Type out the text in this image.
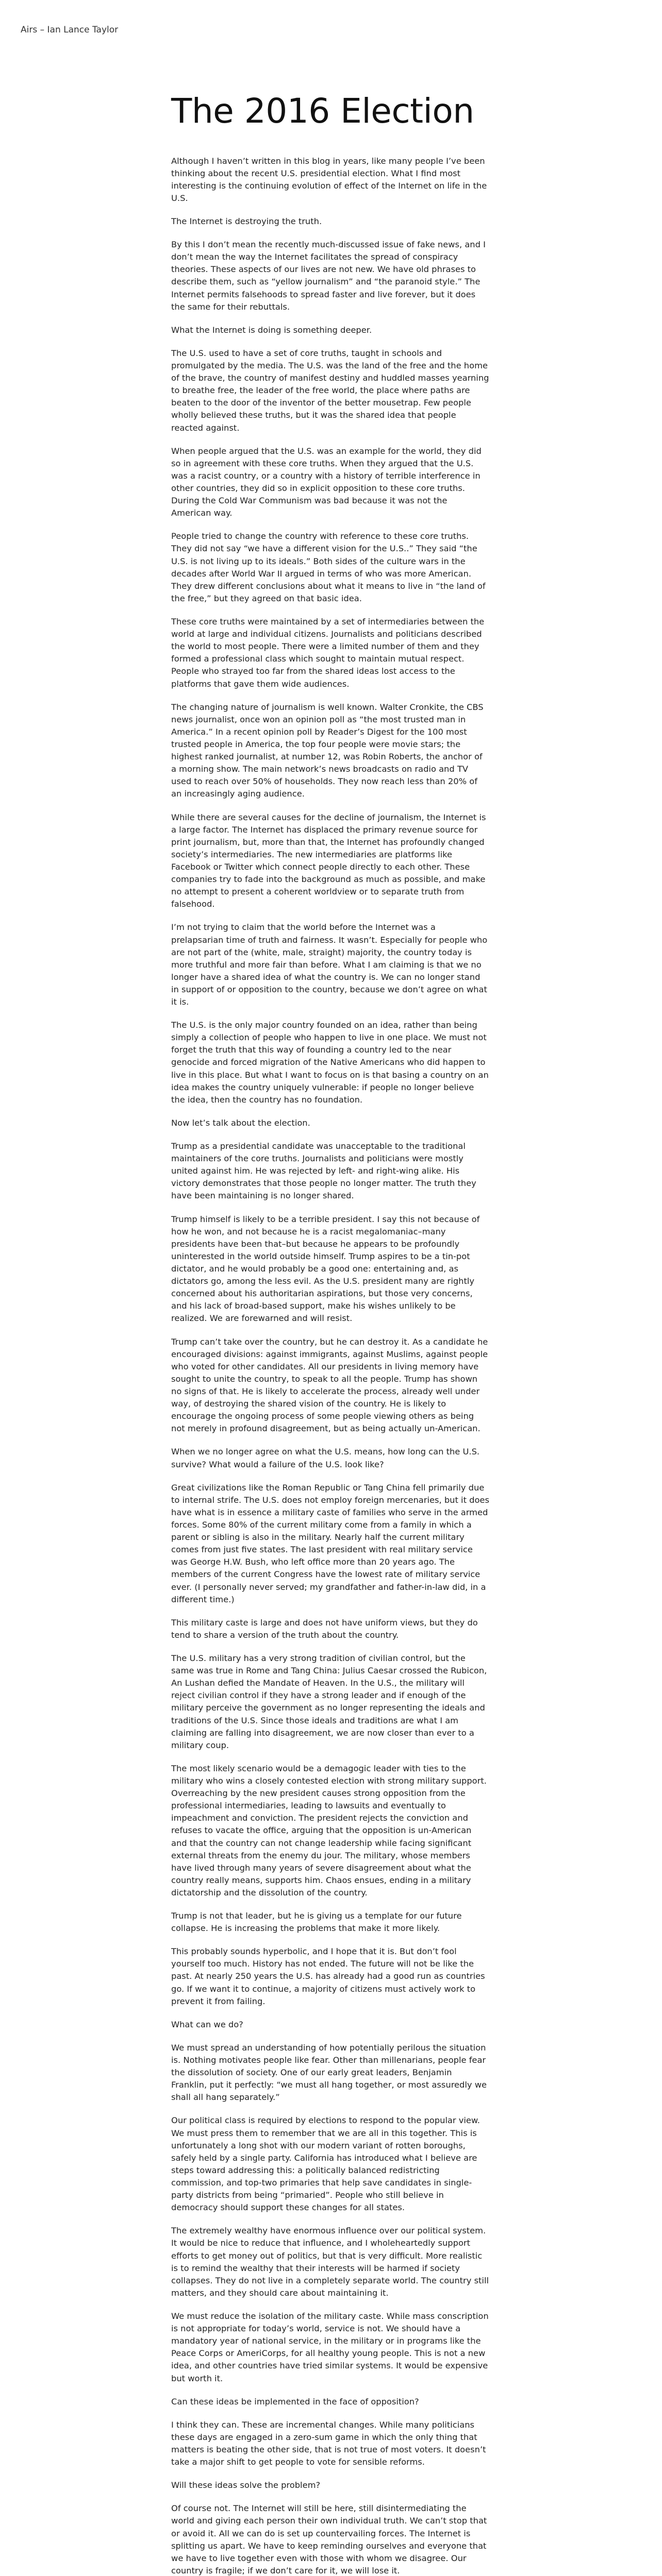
Airs – Ian Lance Taylor
The 2016 Election

Although I haven’t written in this blog in years, like many people I’ve been thinking about the recent U.S. presidential election. What I find most interesting is the continuing evolution of effect of the Internet on life in the U.S.

The Internet is destroying the truth.

By this I don’t mean the recently much-discussed issue of fake news, and I don’t mean the way the Internet facilitates the spread of conspiracy theories. These aspects of our lives are not new. We have old phrases to describe them, such as “yellow journalism” and “the paranoid style.” The Internet permits falsehoods to spread faster and live forever, but it does the same for their rebuttals.

What the Internet is doing is something deeper.

The U.S. used to have a set of core truths, taught in schools and promulgated by the media. The U.S. was the land of the free and the home of the brave, the country of manifest destiny and huddled masses yearning to breathe free, the leader of the free world, the place where paths are beaten to the door of the inventor of the better mousetrap. Few people wholly believed these truths, but it was the shared idea that people reacted against.

When people argued that the U.S. was an example for the world, they did so in agreement with these core truths. When they argued that the U.S. was a racist country, or a country with a history of terrible interference in other countries, they did so in explicit opposition to these core truths. During the Cold War Communism was bad because it was not the American way.

People tried to change the country with reference to these core truths. They did not say “we have a different vision for the U.S..” They said “the U.S. is not living up to its ideals.” Both sides of the culture wars in the decades after World War II argued in terms of who was more American. They drew different conclusions about what it means to live in “the land of the free,” but they agreed on that basic idea.

These core truths were maintained by a set of intermediaries between the world at large and individual citizens. Journalists and politicians described the world to most people. There were a limited number of them and they formed a professional class which sought to maintain mutual respect. People who strayed too far from the shared ideas lost access to the platforms that gave them wide audiences.

The changing nature of journalism is well known. Walter Cronkite, the CBS news journalist, once won an opinion poll as “the most trusted man in America.” In a recent opinion poll by Reader’s Digest for the 100 most trusted people in America, the top four people were movie stars; the highest ranked journalist, at number 12, was Robin Roberts, the anchor of a morning show. The main network’s news broadcasts on radio and TV used to reach over 50% of households. They now reach less than 20% of an increasingly aging audience.

While there are several causes for the decline of journalism, the Internet is a large factor. The Internet has displaced the primary revenue source for print journalism, but, more than that, the Internet has profoundly changed society’s intermediaries. The new intermediaries are platforms like Facebook or Twitter which connect people directly to each other. These companies try to fade into the background as much as possible, and make no attempt to present a coherent worldview or to separate truth from falsehood.

I’m not trying to claim that the world before the Internet was a prelapsarian time of truth and fairness. It wasn’t. Especially for people who are not part of the (white, male, straight) majority, the country today is more truthful and more fair than before. What I am claiming is that we no longer have a shared idea of what the country is. We can no longer stand in support of or opposition to the country, because we don’t agree on what it is.

The U.S. is the only major country founded on an idea, rather than being simply a collection of people who happen to live in one place. We must not forget the truth that this way of founding a country led to the near genocide and forced migration of the Native Americans who did happen to live in this place. But what I want to focus on is that basing a country on an idea makes the country uniquely vulnerable: if people no longer believe the idea, then the country has no foundation.

Now let’s talk about the election.

Trump as a presidential candidate was unacceptable to the traditional maintainers of the core truths. Journalists and politicians were mostly united against him. He was rejected by left- and right-wing alike. His victory demonstrates that those people no longer matter. The truth they have been maintaining is no longer shared.

Trump himself is likely to be a terrible president. I say this not because of how he won, and not because he is a racist megalomaniac–many presidents have been that–but because he appears to be profoundly uninterested in the world outside himself. Trump aspires to be a tin-pot dictator, and he would probably be a good one: entertaining and, as dictators go, among the less evil. As the U.S. president many are rightly concerned about his authoritarian aspirations, but those very concerns, and his lack of broad-based support, make his wishes unlikely to be realized. We are forewarned and will resist.

Trump can’t take over the country, but he can destroy it. As a candidate he encouraged divisions: against immigrants, against Muslims, against people who voted for other candidates. All our presidents in living memory have sought to unite the country, to speak to all the people. Trump has shown no signs of that. He is likely to accelerate the process, already well under way, of destroying the shared vision of the country. He is likely to encourage the ongoing process of some people viewing others as being not merely in profound disagreement, but as being actually un-American.

When we no longer agree on what the U.S. means, how long can the U.S. survive? What would a failure of the U.S. look like?

Great civilizations like the Roman Republic or Tang China fell primarily due to internal strife. The U.S. does not employ foreign mercenaries, but it does have what is in essence a military caste of families who serve in the armed forces. Some 80% of the current military come from a family in which a parent or sibling is also in the military. Nearly half the current military comes from just five states. The last president with real military service was George H.W. Bush, who left office more than 20 years ago. The members of the current Congress have the lowest rate of military service ever. (I personally never served; my grandfather and father-in-law did, in a different time.)

This military caste is large and does not have uniform views, but they do tend to share a version of the truth about the country.

The U.S. military has a very strong tradition of civilian control, but the same was true in Rome and Tang China: Julius Caesar crossed the Rubicon, An Lushan defied the Mandate of Heaven. In the U.S., the military will reject civilian control if they have a strong leader and if enough of the military perceive the government as no longer representing the ideals and traditions of the U.S. Since those ideals and traditions are what I am claiming are falling into disagreement, we are now closer than ever to a military coup.

The most likely scenario would be a demagogic leader with ties to the military who wins a closely contested election with strong military support. Overreaching by the new president causes strong opposition from the professional intermediaries, leading to lawsuits and eventually to impeachment and conviction. The president rejects the conviction and refuses to vacate the office, arguing that the opposition is un-American and that the country can not change leadership while facing significant external threats from the enemy du jour. The military, whose members have lived through many years of severe disagreement about what the country really means, supports him. Chaos ensues, ending in a military dictatorship and the dissolution of the country.

Trump is not that leader, but he is giving us a template for our future collapse. He is increasing the problems that make it more likely.

This probably sounds hyperbolic, and I hope that it is. But don’t fool yourself too much. History has not ended. The future will not be like the past. At nearly 250 years the U.S. has already had a good run as countries go. If we want it to continue, a majority of citizens must actively work to prevent it from failing.

What can we do?

We must spread an understanding of how potentially perilous the situation is. Nothing motivates people like fear. Other than millenarians, people fear the dissolution of society. One of our early great leaders, Benjamin Franklin, put it perfectly: “we must all hang together, or most assuredly we shall all hang separately.”

Our political class is required by elections to respond to the popular view. We must press them to remember that we are all in this together. This is unfortunately a long shot with our modern variant of rotten boroughs, safely held by a single party. California has introduced what I believe are steps toward addressing this: a politically balanced redistricting commission, and top-two primaries that help save candidates in single-party districts from being “primaried”. People who still believe in democracy should support these changes for all states.

The extremely wealthy have enormous influence over our political system. It would be nice to reduce that influence, and I wholeheartedly support efforts to get money out of politics, but that is very difficult. More realistic is to remind the wealthy that their interests will be harmed if society collapses. They do not live in a completely separate world. The country still matters, and they should care about maintaining it.

We must reduce the isolation of the military caste. While mass conscription is not appropriate for today’s world, service is not. We should have a mandatory year of national service, in the military or in programs like the Peace Corps or AmeriCorps, for all healthy young people. This is not a new idea, and other countries have tried similar systems. It would be expensive but worth it.

Can these ideas be implemented in the face of opposition?

I think they can. These are incremental changes. While many politicians these days are engaged in a zero-sum game in which the only thing that matters is beating the other side, that is not true of most voters. It doesn’t take a major shift to get people to vote for sensible reforms.

Will these ideas solve the problem?

Of course not. The Internet will still be here, still disintermediating the world and giving each person their own individual truth. We can’t stop that or avoid it. All we can do is set up countervailing forces. The Internet is splitting us apart. We have to keep reminding ourselves and everyone that we have to live together even with those with whom we disagree. Our country is fragile; if we don’t care for it, we will lose it.
